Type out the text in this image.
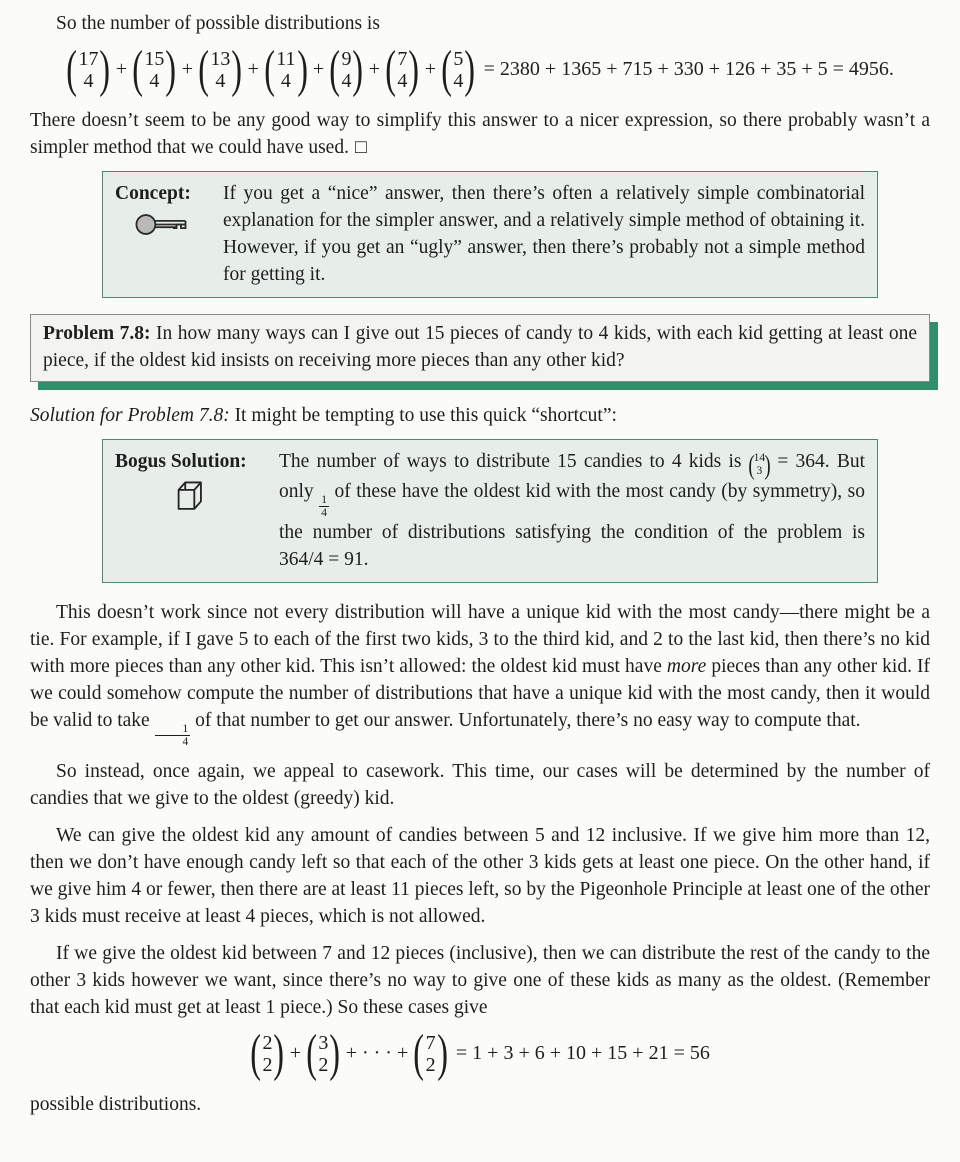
So the number of possible distributions is

( 17
4 ) + ( 15
4 ) + ( 13
4 ) + ( 11
4 ) + ( 9
4 ) + ( 7
4 ) + ( 5
4 ) = 2380 + 1365 + 715 + 330 + 126 + 35 + 5 = 4956.

There doesn’t seem to be any good way to simplify this answer to a nicer expression, so there probably wasn’t a simpler method that we could have used. □

Concept:	If you get a “nice” answer, then there’s often a relatively simple combinatorial explanation for the simpler answer, and a relatively simple method of obtaining it. However, if you get an “ugly” answer, then there’s probably not a simple method for getting it.
Problem 7.8: In how many ways can I give out 15 pieces of candy to 4 kids, with each kid getting at least one piece, if the oldest kid insists on receiving more pieces than any other kid?

Solution for Problem 7.8: It might be tempting to use this quick “shortcut”:

Bogus Solution:	The number of ways to distribute 15 candies to 4 kids is ( 14
3 ) = 364. But only
$\frac{1}{4}$
of these have the oldest kid with the most candy (by symmetry), so the number of distributions satisfying the condition of the problem is 364/4 = 91.

This doesn’t work since not every distribution will have a unique kid with the most candy—there might be a tie. For example, if I gave 5 to each of the first two kids, 3 to the third kid, and 2 to the last kid, then there’s no kid with more pieces than any other kid. This isn’t allowed: the oldest kid must have more pieces than any other kid. If we could somehow compute the number of distributions that have a unique kid with the most candy, then it would be valid to take
$\frac{1}{4}$
of that number to get our answer. Unfortunately, there’s no easy way to compute that.

So instead, once again, we appeal to casework. This time, our cases will be determined by the number of candies that we give to the oldest (greedy) kid.

We can give the oldest kid any amount of candies between 5 and 12 inclusive. If we give him more than 12, then we don’t have enough candy left so that each of the other 3 kids gets at least one piece. On the other hand, if we give him 4 or fewer, then there are at least 11 pieces left, so by the Pigeonhole Principle at least one of the other 3 kids must receive at least 4 pieces, which is not allowed.

If we give the oldest kid between 7 and 12 pieces (inclusive), then we can distribute the rest of the candy to the other 3 kids however we want, since there’s no way to give one of these kids as many as the oldest. (Remember that each kid must get at least 1 piece.) So these cases give

( 2
2 ) + ( 3
2 ) + · · · + ( 7
2 ) = 1 + 3 + 6 + 10 + 15 + 21 = 56

possible distributions.
